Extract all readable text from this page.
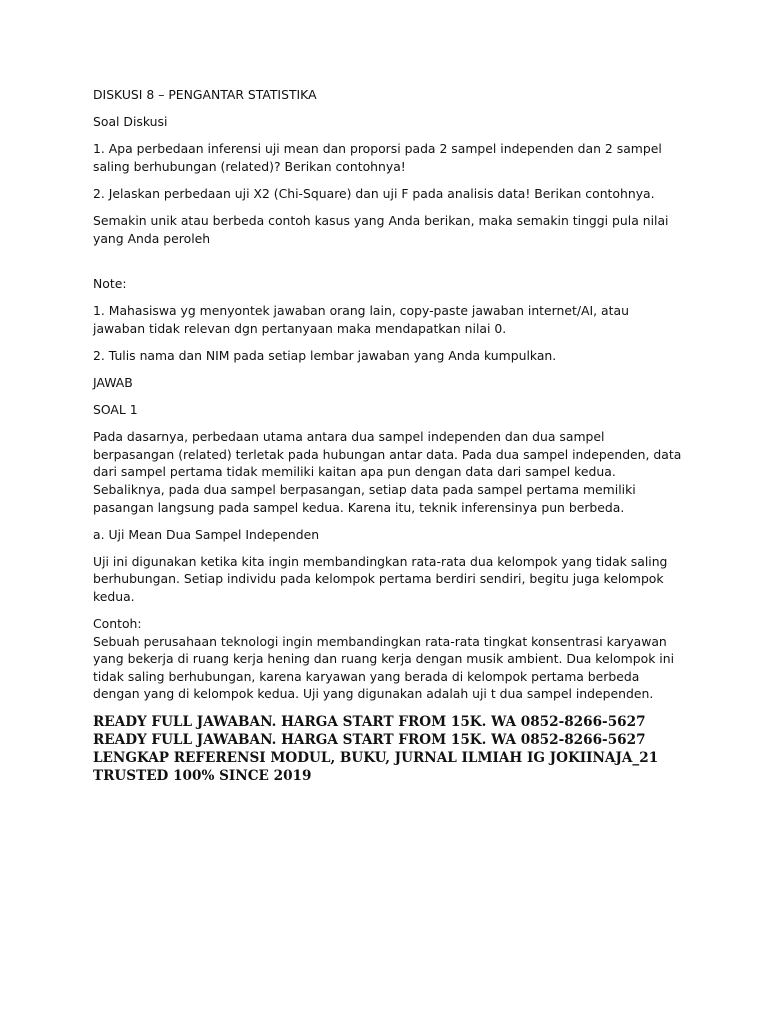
DISKUSI 8 – PENGANTAR STATISTIKA

Soal Diskusi

1. Apa perbedaan inferensi uji mean dan proporsi pada 2 sampel independen dan 2 sampel saling berhubungan (related)? Berikan contohnya!

2. Jelaskan perbedaan uji X2 (Chi-Square) dan uji F pada analisis data! Berikan contohnya.

Semakin unik atau berbeda contoh kasus yang Anda berikan, maka semakin tinggi pula nilai yang Anda peroleh

Note:

1. Mahasiswa yg menyontek jawaban orang lain, copy-paste jawaban internet/AI, atau jawaban tidak relevan dgn pertanyaan maka mendapatkan nilai 0.

2. Tulis nama dan NIM pada setiap lembar jawaban yang Anda kumpulkan.

JAWAB

SOAL 1

Pada dasarnya, perbedaan utama antara dua sampel independen dan dua sampel berpasangan (related) terletak pada hubungan antar data. Pada dua sampel independen, data dari sampel pertama tidak memiliki kaitan apa pun dengan data dari sampel kedua. Sebaliknya, pada dua sampel berpasangan, setiap data pada sampel pertama memiliki pasangan langsung pada sampel kedua. Karena itu, teknik inferensinya pun berbeda.

a. Uji Mean Dua Sampel Independen

Uji ini digunakan ketika kita ingin membandingkan rata-rata dua kelompok yang tidak saling berhubungan. Setiap individu pada kelompok pertama berdiri sendiri, begitu juga kelompok kedua.

Contoh:
Sebuah perusahaan teknologi ingin membandingkan rata-rata tingkat konsentrasi karyawan yang bekerja di ruang kerja hening dan ruang kerja dengan musik ambient. Dua kelompok ini tidak saling berhubungan, karena karyawan yang berada di kelompok pertama berbeda dengan yang di kelompok kedua. Uji yang digunakan adalah uji t dua sampel independen.

READY FULL JAWABAN. HARGA START FROM 15K. WA 0852-8266-5627
READY FULL JAWABAN. HARGA START FROM 15K. WA 0852-8266-5627
LENGKAP REFERENSI MODUL, BUKU, JURNAL ILMIAH IG JOKIINAJA_21
TRUSTED 100% SINCE 2019
